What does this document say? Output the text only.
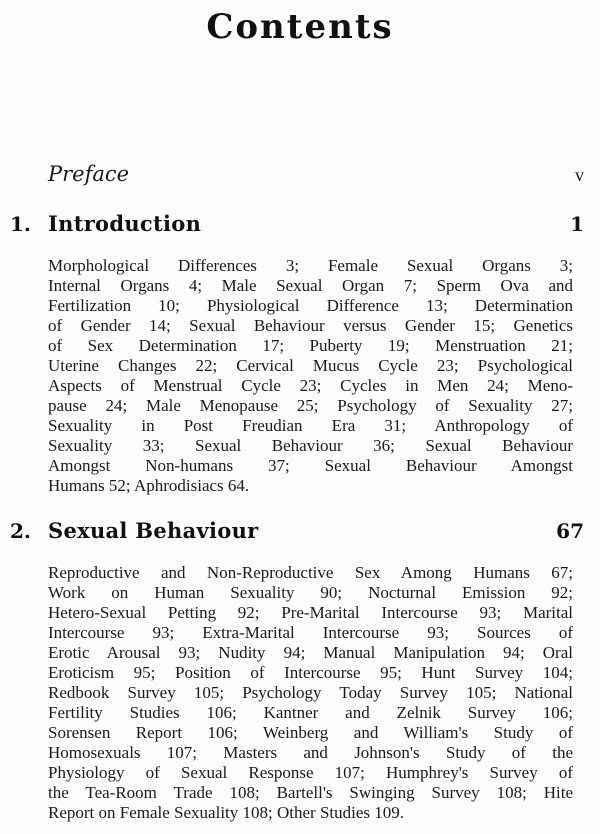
Contents
Preface	v
1. Introduction	1
Morphological Differences 3; Female Sexual Organs 3;
Internal Organs 4; Male Sexual Organ 7; Sperm Ova and
Fertilization 10; Physiological Difference 13; Determination
of Gender 14; Sexual Behaviour versus Gender 15; Genetics
of Sex Determination 17; Puberty 19; Menstruation 21;
Uterine Changes 22; Cervical Mucus Cycle 23; Psychological
Aspects of Menstrual Cycle 23; Cycles in Men 24; Meno-
pause 24; Male Menopause 25; Psychology of Sexuality 27;
Sexuality in Post Freudian Era 31; Anthropology of
Sexuality 33; Sexual Behaviour 36; Sexual Behaviour
Amongst Non-humans 37; Sexual Behaviour Amongst
Humans 52; Aphrodisiacs 64.
2. Sexual Behaviour	67
Reproductive and Non-Reproductive Sex Among Humans 67;
Work on Human Sexuality 90; Nocturnal Emission 92;
Hetero-Sexual Petting 92; Pre-Marital Intercourse 93; Marital
Intercourse 93; Extra-Marital Intercourse 93; Sources of
Erotic Arousal 93; Nudity 94; Manual Manipulation 94; Oral
Eroticism 95; Position of Intercourse 95; Hunt Survey 104;
Redbook Survey 105; Psychology Today Survey 105; National
Fertility Studies 106; Kantner and Zelnik Survey 106;
Sorensen Report 106; Weinberg and William's Study of
Homosexuals 107; Masters and Johnson's Study of the
Physiology of Sexual Response 107; Humphrey's Survey of
the Tea-Room Trade 108; Bartell's Swinging Survey 108; Hite
Report on Female Sexuality 108; Other Studies 109.
